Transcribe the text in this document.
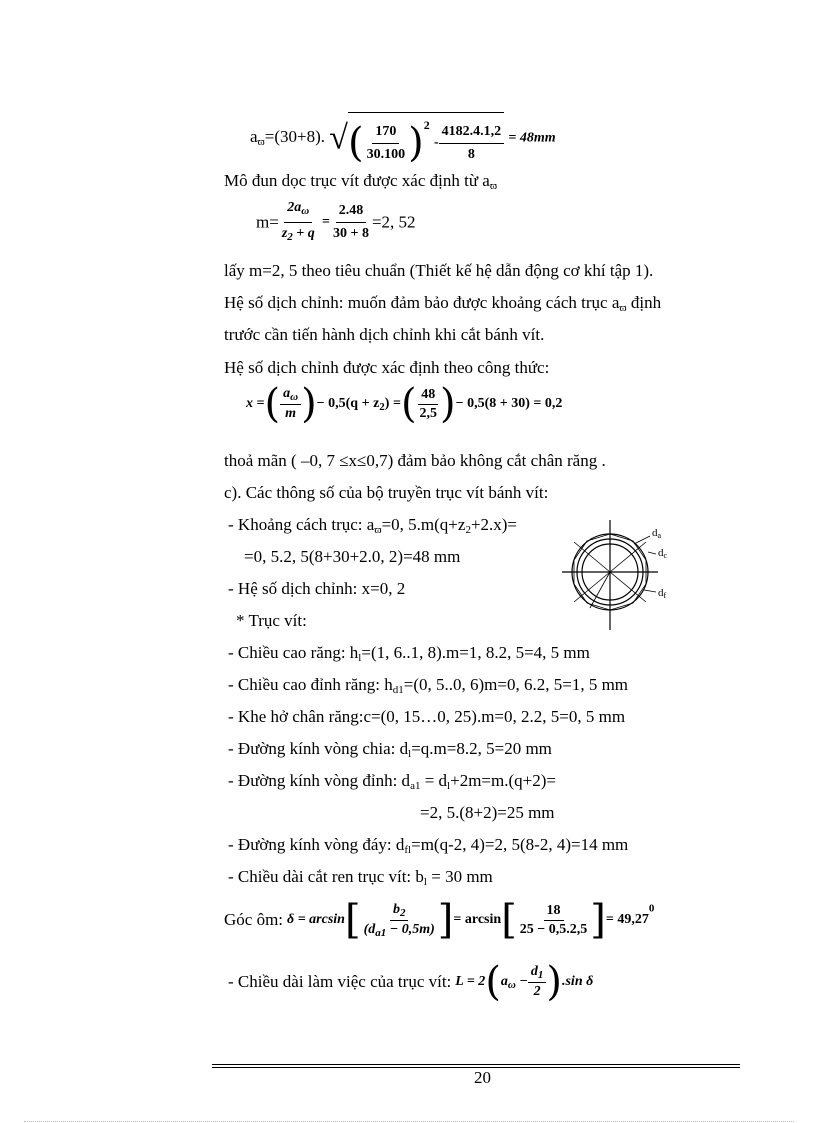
$a_ϖ=(30+8)$. √( $\frac{170}{30.100} )^2 - \frac{4182.4.1,2}{8} = 48mm$
Mô đun dọc trục vít được xác định từ $a_ϖ$
$m= \frac{2a_\omega}{z_2 + q} = \frac{2.48}{30 + 8} =2$, 52
lấy m=2, 5 theo tiêu chuẩn (Thiết kế hệ dẫn động cơ khí tập 1).
Hệ số dịch chỉnh: muốn đảm bảo được khoảng cách trục $a_ϖ$ định
trước cần tiến hành dịch chỉnh khi cắt bánh vít.
Hệ số dịch chỉnh được xác định theo công thức:
x =( $\frac{a_\omega}{m}$ )− $0,5(q + z_2)$ =( $\frac{48}{2,5}$ )− 0,5(8 + 30) = 0,2
thoả mãn ( –0, 7 ≤x≤0,7) đảm bảo không cắt chân răng .
c). Các thông số của bộ truyền trục vít bánh vít:
- Khoảng cách trục: $a_ϖ=0$, $5.m(q+z_2+2.x)=$
=0, 5.2, 5(8+30+2.0, 2)=48 mm
- Hệ số dịch chỉnh: x=0, 2
* Trục vít:
da
dc
df
- Chiều cao răng: $h_l=(1$, 6..1, 8).m=1, 8.2, 5=4, 5 mm
- Chiều cao đỉnh răng: $h_{d1}=(0$, 5..0, 6)m=0, 6.2, 5=1, 5 mm
- Khe hở chân răng:c=(0, 15…0, 25).m=0, 2.2, 5=0, 5 mm
- Đường kính vòng chia: $d_l=q.m=8.2$, 5=20 mm
- Đường kính vòng đỉnh: $d_{a1} = d_l+2m=m.(q+2)=$
=2, 5.(8+2)=25 mm
- Đường kính vòng đáy: $d_{fl}=m(q-2$, 4)=2, 5(8-2, 4)=14 mm
- Chiều dài cắt ren trục vít: $b_l = 30$ mm
Góc ôm: $\delta = \arcsin[ \frac{b_2}{(d_{a1} - 0,5m)}$ ]= $\arcsin[ \frac{18}{25 - 0,5.2,5}$ ]= $49,27^0$
- Chiều dài làm việc của trục vít: $L = 2(a_\omega - \frac{d_1}{2} ).\sin$ δ
20
